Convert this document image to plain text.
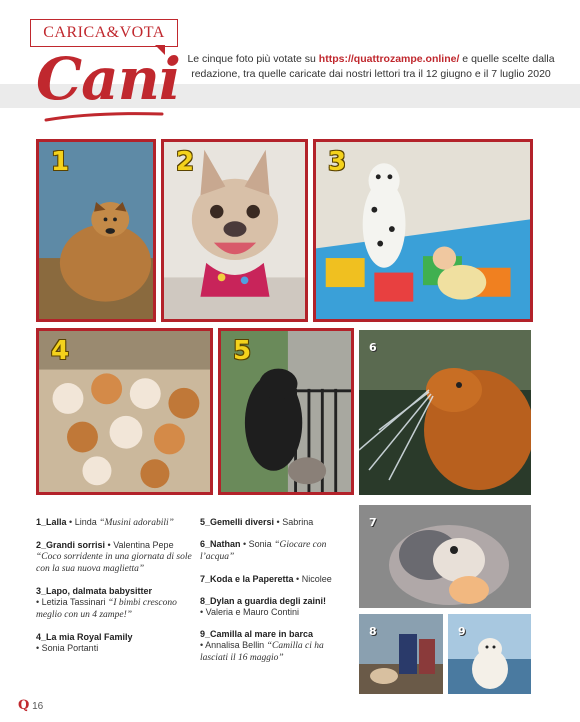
CARICA&VOTA
Cani Le cinque foto più votate su https://quattrozampe.online/ e quelle scelte dalla redazione, tra quelle caricate dai nostri lettori tra il 12 giugno e il 7 luglio 2020
1	2	3
4	5	6
7
8	9
1_Lalla • Linda “Musini adorabili”
2_Grandi sorrisi • Valentina Pepe
“Coco sorridente in una giornata di sole con la sua nuova maglietta”
3_Lapo, dalmata babysitter
• Letizia Tassinari “I bimbi crescono meglio con un 4 zampe!”
4_La mia Royal Family
• Sonia Portanti
5_Gemelli diversi • Sabrina
6_Nathan • Sonia “Giocare con l’acqua”
7_Koda e la Paperetta • Nicolee
8_Dylan a guardia degli zaini!
• Valeria e Mauro Contini
9_Camilla al mare in barca
• Annalisa Bellin “Camilla ci ha lasciati il 16 maggio”
Q 16
